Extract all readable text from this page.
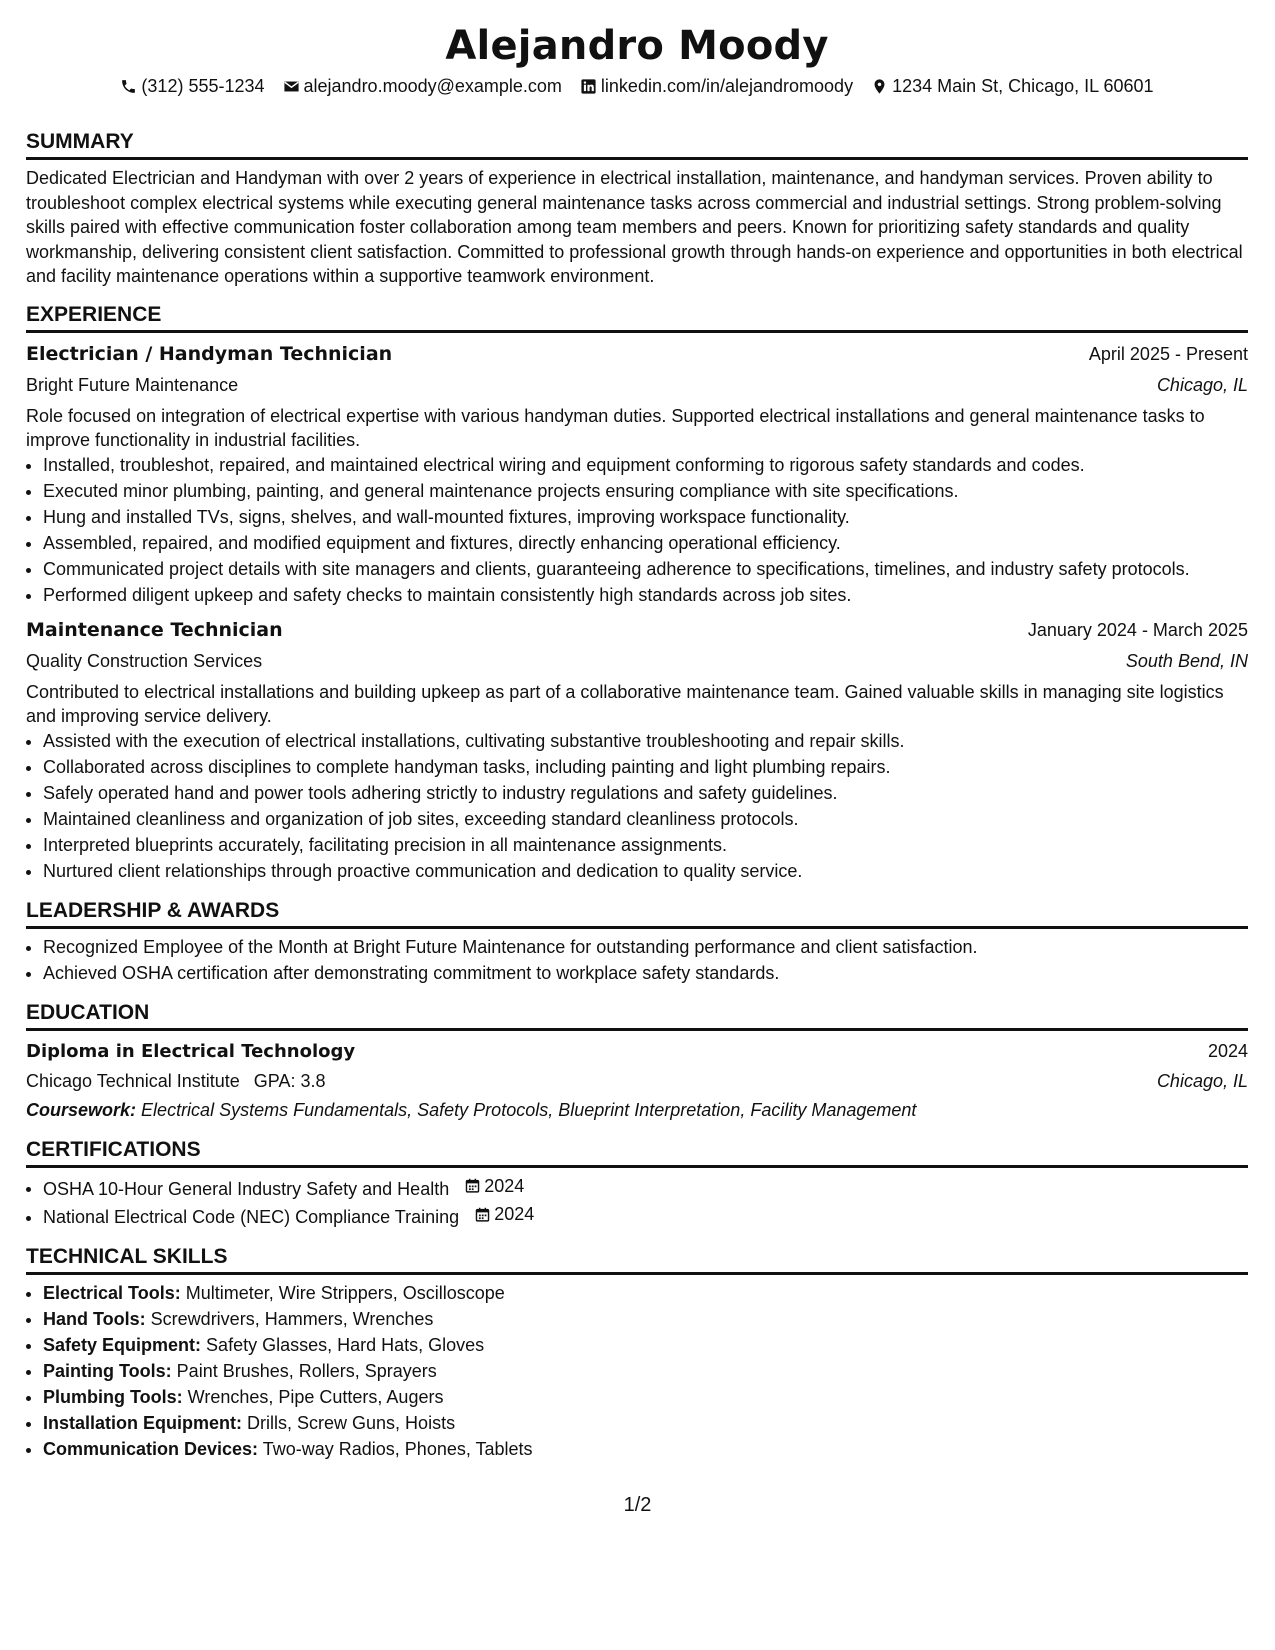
Alejandro Moody
(312) 555-1234 alejandro.moody@example.com linkedin.com/in/alejandromoody 1234 Main St, Chicago, IL 60601
SUMMARY

Dedicated Electrician and Handyman with over 2 years of experience in electrical installation, maintenance, and handyman services. Proven ability to troubleshoot complex electrical systems while executing general maintenance tasks across commercial and industrial settings. Strong problem-solving skills paired with effective communication foster collaboration among team members and peers. Known for prioritizing safety standards and quality workmanship, delivering consistent client satisfaction. Committed to professional growth through hands-on experience and opportunities in both electrical and facility maintenance operations within a supportive teamwork environment.

EXPERIENCE
Electrician / Handyman Technician	April 2025 - Present
Bright Future Maintenance	Chicago, IL

Role focused on integration of electrical expertise with various handyman duties. Supported electrical installations and general maintenance tasks to improve functionality in industrial facilities.

• Installed, troubleshot, repaired, and maintained electrical wiring and equipment conforming to rigorous safety standards and codes.
• Executed minor plumbing, painting, and general maintenance projects ensuring compliance with site specifications.
• Hung and installed TVs, signs, shelves, and wall-mounted fixtures, improving workspace functionality.
• Assembled, repaired, and modified equipment and fixtures, directly enhancing operational efficiency.
• Communicated project details with site managers and clients, guaranteeing adherence to specifications, timelines, and industry safety protocols.
• Performed diligent upkeep and safety checks to maintain consistently high standards across job sites.
Maintenance Technician	January 2024 - March 2025
Quality Construction Services	South Bend, IN

Contributed to electrical installations and building upkeep as part of a collaborative maintenance team. Gained valuable skills in managing site logistics and improving service delivery.

• Assisted with the execution of electrical installations, cultivating substantive troubleshooting and repair skills.
• Collaborated across disciplines to complete handyman tasks, including painting and light plumbing repairs.
• Safely operated hand and power tools adhering strictly to industry regulations and safety guidelines.
• Maintained cleanliness and organization of job sites, exceeding standard cleanliness protocols.
• Interpreted blueprints accurately, facilitating precision in all maintenance assignments.
• Nurtured client relationships through proactive communication and dedication to quality service.
LEADERSHIP & AWARDS
• Recognized Employee of the Month at Bright Future Maintenance for outstanding performance and client satisfaction.
• Achieved OSHA certification after demonstrating commitment to workplace safety standards.
EDUCATION
Diploma in Electrical Technology	2024
Chicago Technical Institute GPA: 3.8	Chicago, IL
Coursework: Electrical Systems Fundamentals, Safety Protocols, Blueprint Interpretation, Facility Management
CERTIFICATIONS
• OSHA 10-Hour General Industry Safety and Health 2024
• National Electrical Code (NEC) Compliance Training 2024
TECHNICAL SKILLS
• Electrical Tools: Multimeter, Wire Strippers, Oscilloscope
• Hand Tools: Screwdrivers, Hammers, Wrenches
• Safety Equipment: Safety Glasses, Hard Hats, Gloves
• Painting Tools: Paint Brushes, Rollers, Sprayers
• Plumbing Tools: Wrenches, Pipe Cutters, Augers
• Installation Equipment: Drills, Screw Guns, Hoists
• Communication Devices: Two-way Radios, Phones, Tablets
1/2
